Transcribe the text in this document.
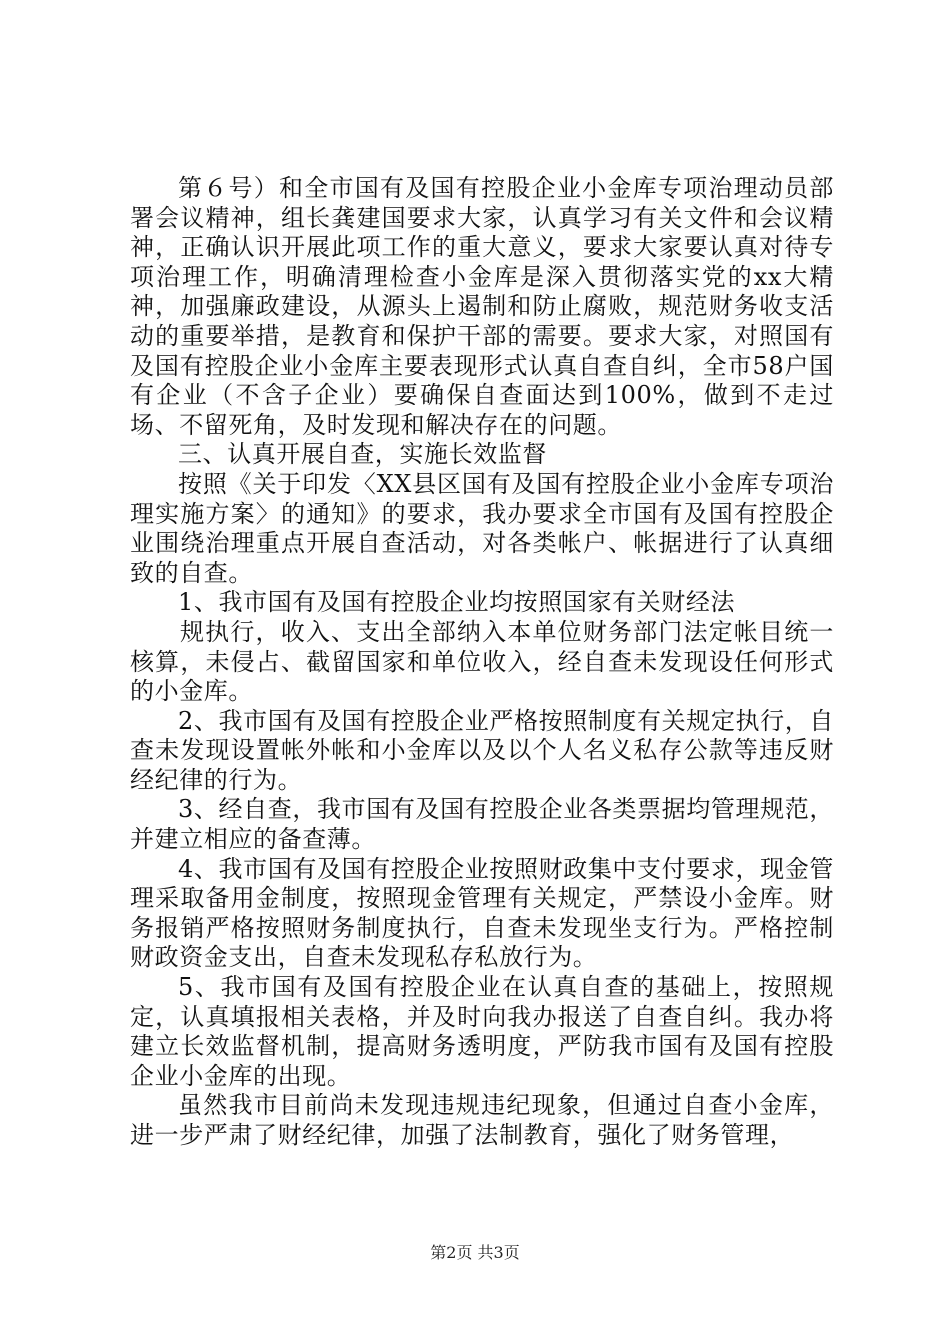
第６号）和全市国有及国有控股企业小金库专项治理动员部署会议精神，组长龚建国要求大家，认真学习有关文件和会议精神，正确认识开展此项工作的重大意义，要求大家要认真对待专项治理工作，明确清理检查小金库是深入贯彻落实党的xx大精神，加强廉政建设，从源头上遏制和防止腐败，规范财务收支活动的重要举措，是教育和保护干部的需要。要求大家，对照国有及国有控股企业小金库主要表现形式认真自查自纠，全市58户国有企业（不含子企业）要确保自查面达到100%，做到不走过场、不留死角，及时发现和解决存在的问题。

三、认真开展自查，实施长效监督

按照《关于印发〈XX县区国有及国有控股企业小金库专项治理实施方案〉的通知》的要求，我办要求全市国有及国有控股企业围绕治理重点开展自查活动，对各类帐户、帐据进行了认真细致的自查。

1、我市国有及国有控股企业均按照国家有关财经法

规执行，收入、支出全部纳入本单位财务部门法定帐目统一核算，未侵占、截留国家和单位收入，经自查未发现设任何形式的小金库。

2、我市国有及国有控股企业严格按照制度有关规定执行，自查未发现设置帐外帐和小金库以及以个人名义私存公款等违反财经纪律的行为。

3、经自查，我市国有及国有控股企业各类票据均管理规范，并建立相应的备查薄。

4、我市国有及国有控股企业按照财政集中支付要求，现金管理采取备用金制度，按照现金管理有关规定，严禁设小金库。财务报销严格按照财务制度执行，自查未发现坐支行为。严格控制财政资金支出，自查未发现私存私放行为。

5、我市国有及国有控股企业在认真自查的基础上，按照规定，认真填报相关表格，并及时向我办报送了自查自纠。我办将建立长效监督机制，提高财务透明度，严防我市国有及国有控股企业小金库的出现。

虽然我市目前尚未发现违规违纪现象，但通过自查小金库，进一步严肃了财经纪律，加强了法制教育，强化了财务管理，

第2页 共3页
